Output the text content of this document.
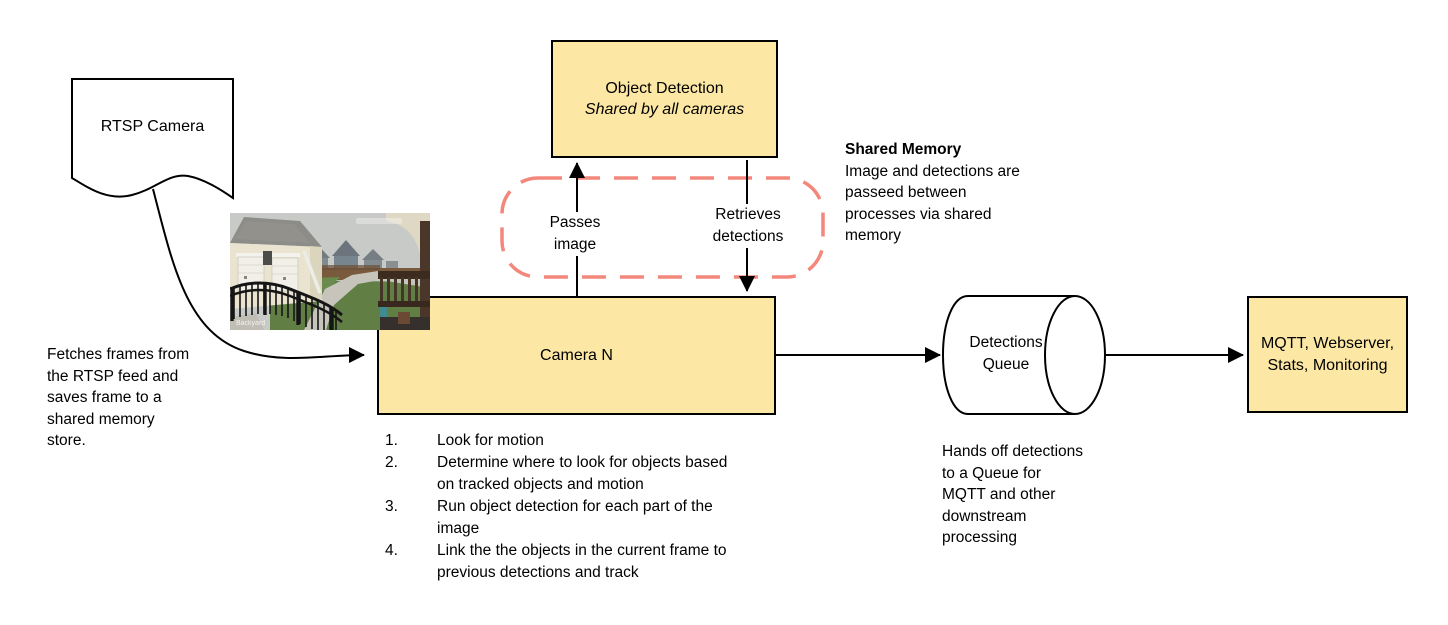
RTSP Camera
Fetches frames from
the RTSP feed and
saves frame to a
shared memory
store.
Object Detection
Shared by all cameras
Passes image
Retrieves detections
Shared Memory
Image and detections are
passeed between
processes via shared
memory
Camera N
Look for motion
Determine where to look for objects based on tracked objects and motion
Run object detection for each part of the image
Link the the objects in the current frame to previous detections and track
Detections Queue
Hands off detections
to a Queue for
MQTT and other
downstream
processing
MQTT, Webserver, Stats, Monitoring
Backyard
